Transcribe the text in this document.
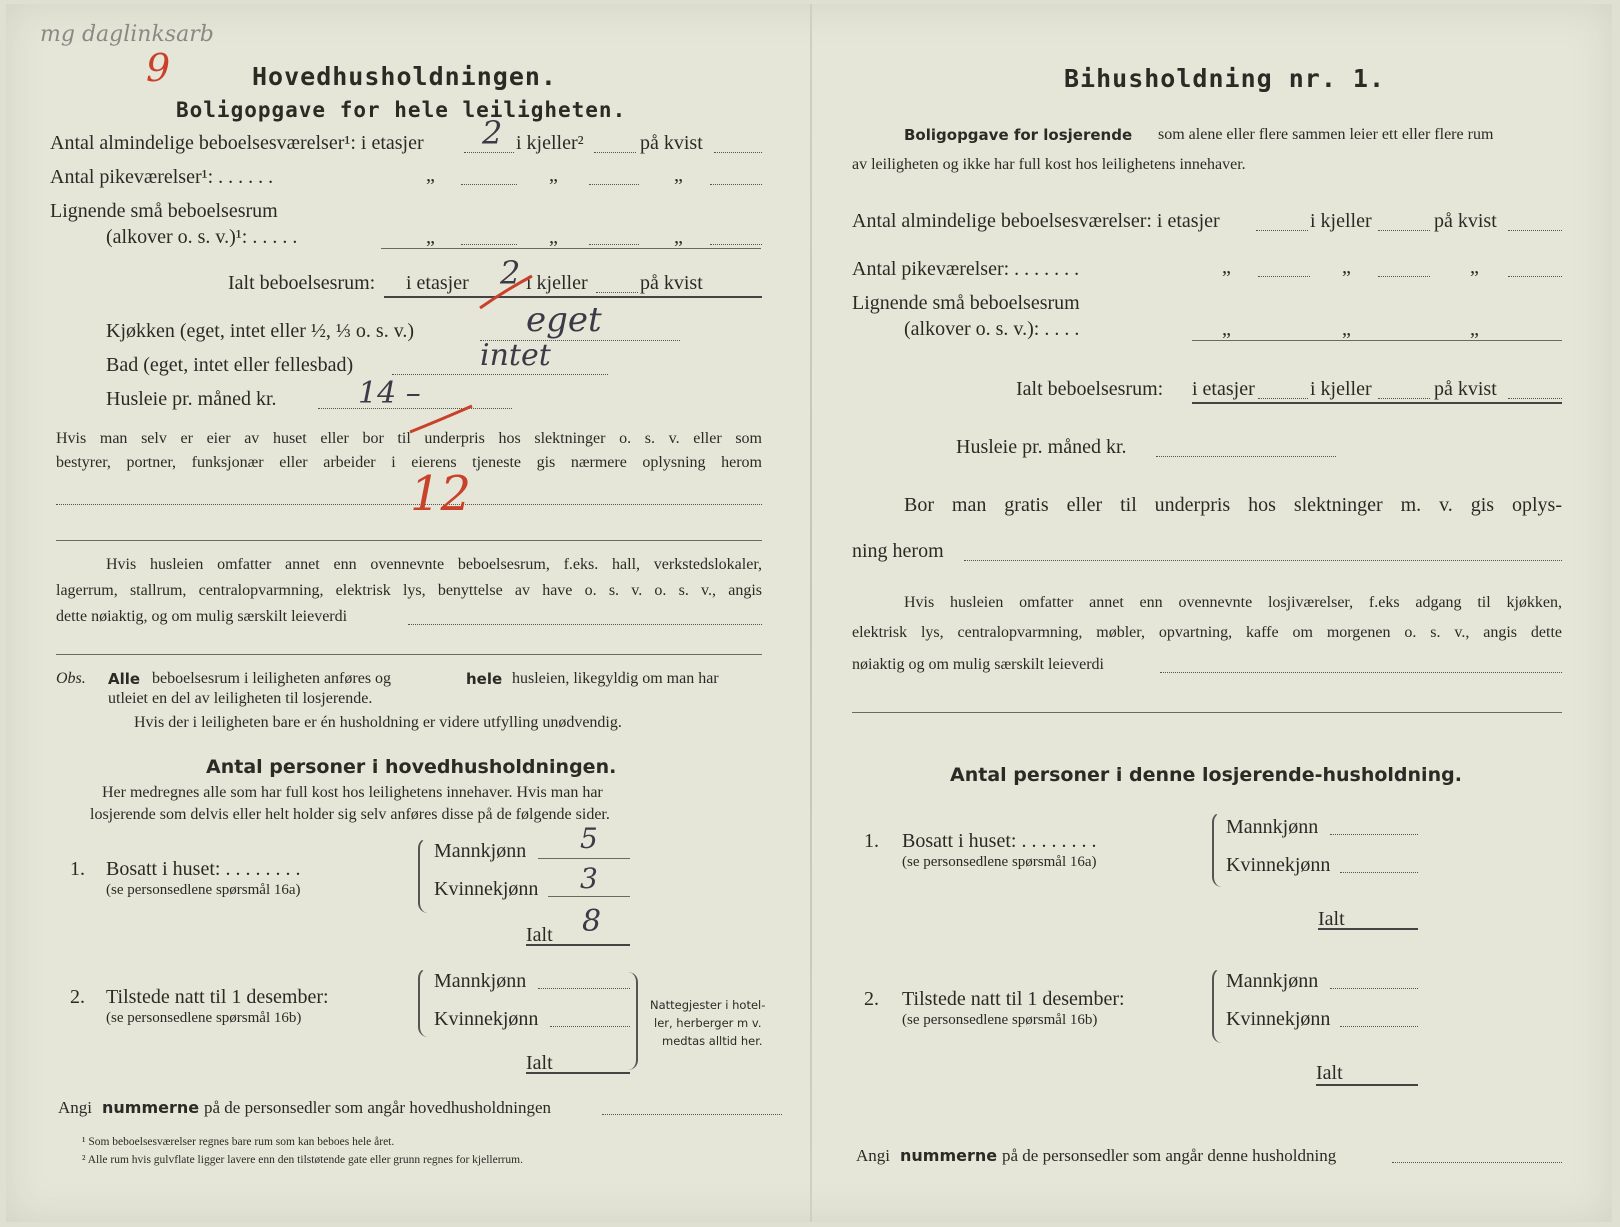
mg daglinksarb
9	Hovedhusholdningen.
Boligopgave for hele leiligheten.
Antal almindelige beboelsesværelser¹: i etasjer 2 i kjeller²	på kvist
Antal pikeværelser¹: . . . . . .	„	„	„
Lignende små beboelsesrum
(alkover o. s. v.)¹: . . . . .	„	„	„
Ialt beboelsesrum: i etasjer 2 i kjeller	på kvist
Kjøkken (eget, intet eller ½, ⅓ o. s. v.)	eget
Bad (eget, intet eller fellesbad)	intet
Husleie pr. måned kr.	14 –
Hvis man selv er eier av huset eller bor til underpris hos slektninger o. s. v. eller som
bestyrer, portner, funksjonær eller arbeider i eierens tjeneste gis nærmere oplysning herom
12
Hvis husleien omfatter annet enn ovennevnte beboelsesrum, f.eks. hall, verkstedslokaler,
lagerrum, stallrum, centralopvarmning, elektrisk lys, benyttelse av have o. s. v. o. s. v., angis
dette nøiaktig, og om mulig særskilt leieverdi
Obs. Alle beboelsesrum i leiligheten anføres og	hele husleien, likegyldig om man har
utleiet en del av leiligheten til losjerende.
Hvis der i leiligheten bare er én husholdning er videre utfylling unødvendig.
Antal personer i hovedhusholdningen.
Her medregnes alle som har full kost hos leilighetens innehaver. Hvis man har
losjerende som delvis eller helt holder sig selv anføres disse på de følgende sider.
1. Bosatt i huset: . . . . . . . .
(se personsedlene spørsmål 16a)
Mannkjønn 5
Kvinnekjønn 3
Ialt 8
2. Tilstede natt til 1 desember:
(se personsedlene spørsmål 16b)
Mannkjønn
Kvinnekjønn
Ialt
Nattegjester i hotel-
ler, herberger m v.
medtas alltid her.
Angi nummerne på de personsedler som angår hovedhusholdningen
¹ Som beboelsesværelser regnes bare rum som kan beboes hele året.
² Alle rum hvis gulvflate ligger lavere enn den tilstøtende gate eller grunn regnes for kjellerrum.
Bihusholdning nr. 1.
Boligopgave for losjerende som alene eller flere sammen leier ett eller flere rum
av leiligheten og ikke har full kost hos leilighetens innehaver.
Antal almindelige beboelsesværelser: i etasjer	i kjeller	på kvist
Antal pikeværelser: . . . . . . .	„	„	„
Lignende små beboelsesrum
(alkover o. s. v.): . . . .	„	„	„
Ialt beboelsesrum: i etasjer	i kjeller	på kvist
Husleie pr. måned kr.
Bor man gratis eller til underpris hos slektninger m. v. gis oplys-
ning herom
Hvis husleien omfatter annet enn ovennevnte losjiværelser, f.eks adgang til kjøkken,
elektrisk lys, centralopvarmning, møbler, opvartning, kaffe om morgenen o. s. v., angis dette
nøiaktig og om mulig særskilt leieverdi
Antal personer i denne losjerende-husholdning.
1. Bosatt i huset: . . . . . . . .
(se personsedlene spørsmål 16a)
Mannkjønn
Kvinnekjønn
Ialt
2. Tilstede natt til 1 desember:
(se personsedlene spørsmål 16b)
Mannkjønn
Kvinnekjønn
Ialt
Angi nummerne på de personsedler som angår denne husholdning
